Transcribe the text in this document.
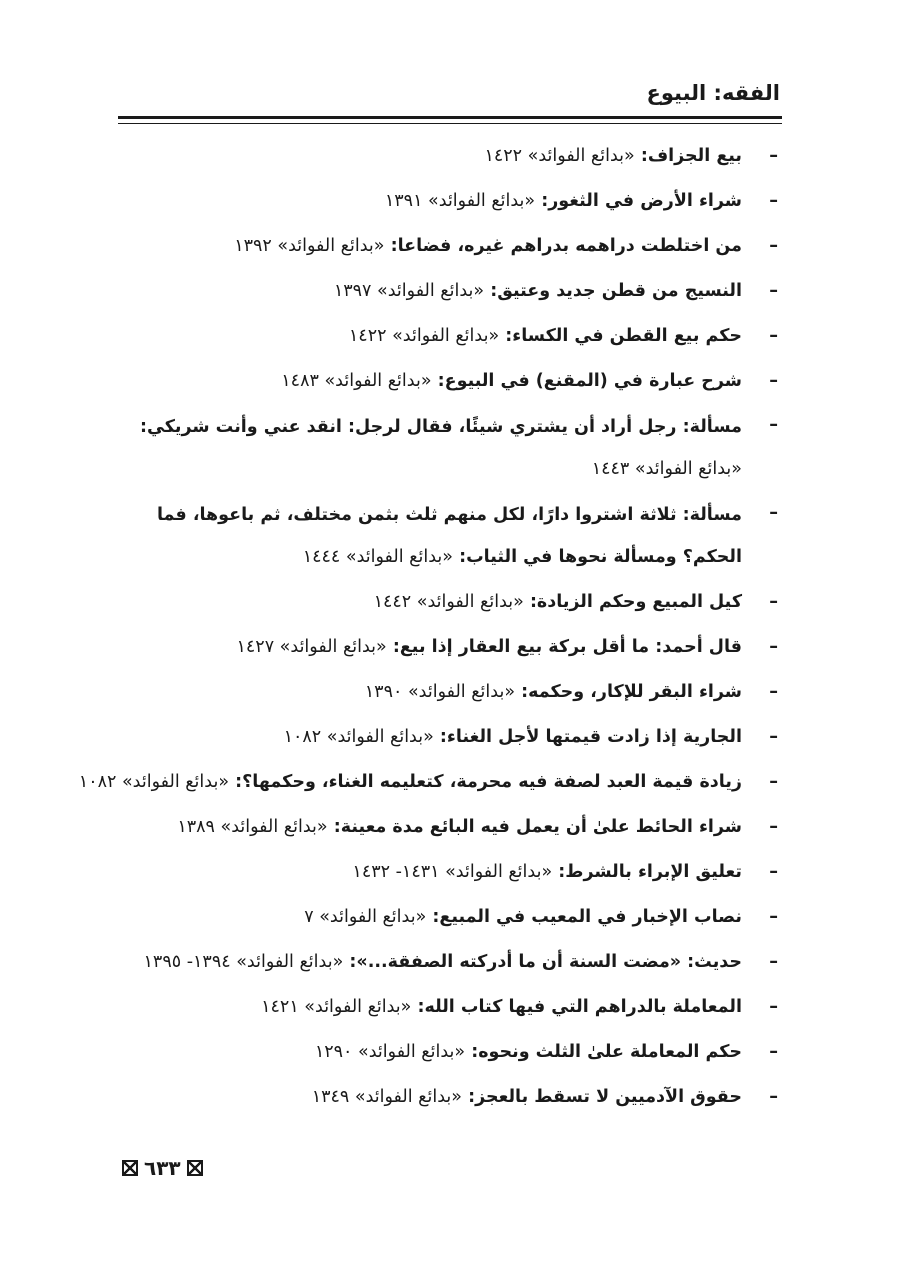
الفقه: البيوع
–
بيع الجزاف: «بدائع الفوائد» ١٤٢٢
–
شراء الأرض في الثغور: «بدائع الفوائد» ١٣٩١
–
من اختلطت دراهمه بدراهم غيره، فضاعا: «بدائع الفوائد» ١٣٩٢
–
النسيج من قطن جديد وعتيق: «بدائع الفوائد» ١٣٩٧
–
حكم بيع القطن في الكساء: «بدائع الفوائد» ١٤٢٢
–
شرح عبارة في (المقنع) في البيوع: «بدائع الفوائد» ١٤٨٣
–
مسألة: رجل أراد أن يشتري شيئًا، فقال لرجل: انقد عني وأنت شريكي: «بدائع الفوائد» ١٤٤٣
–
مسألة: ثلاثة اشتروا دارًا، لكل منهم ثلث بثمن مختلف، ثم باعوها، فما الحكم؟ ومسألة نحوها في الثياب: «بدائع الفوائد» ١٤٤٤
–
كيل المبيع وحكم الزيادة: «بدائع الفوائد» ١٤٤٢
–
قال أحمد: ما أقل بركة بيع العقار إذا بيع: «بدائع الفوائد» ١٤٢٧
–
شراء البقر للإكار، وحكمه: «بدائع الفوائد» ١٣٩٠
–
الجارية إذا زادت قيمتها لأجل الغناء: «بدائع الفوائد» ١٠٨٢
–
زيادة قيمة العبد لصفة فيه محرمة، كتعليمه الغناء، وحكمها؟: «بدائع الفوائد» ١٠٨٢
–
شراء الحائط علىٰ أن يعمل فيه البائع مدة معينة: «بدائع الفوائد» ١٣٨٩
–
تعليق الإبراء بالشرط: «بدائع الفوائد» ١٤٣١- ١٤٣٢
–
نصاب الإخبار في المعيب في المبيع: «بدائع الفوائد» ٧
–
حديث: «مضت السنة أن ما أدركته الصفقة...»: «بدائع الفوائد» ١٣٩٤- ١٣٩٥
–
المعاملة بالدراهم التي فيها كتاب الله: «بدائع الفوائد» ١٤٢١
–
حكم المعاملة علىٰ الثلث ونحوه: «بدائع الفوائد» ١٢٩٠
–
حقوق الآدميين لا تسقط بالعجز: «بدائع الفوائد» ١٣٤٩
٦٣٣
